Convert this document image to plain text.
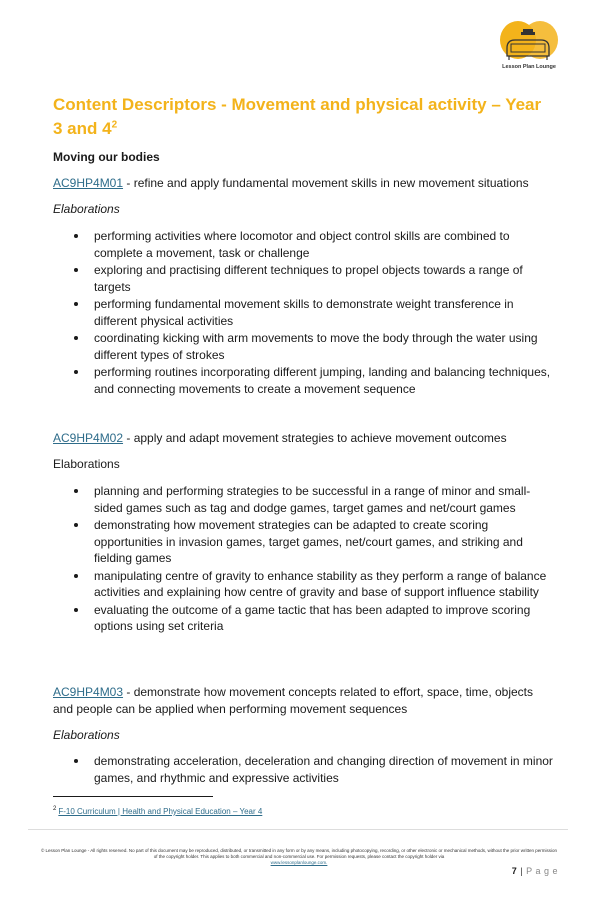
Lesson Plan Lounge
Content Descriptors - Movement and physical activity – Year 3 and $4^2$
Moving our bodies
AC9HP4M01 - refine and apply fundamental movement skills in new movement situations
Elaborations
performing activities where locomotor and object control skills are combined to complete a movement, task or challenge
exploring and practising different techniques to propel objects towards a range of targets
performing fundamental movement skills to demonstrate weight transference in different physical activities
coordinating kicking with arm movements to move the body through the water using different types of strokes
performing routines incorporating different jumping, landing and balancing techniques, and connecting movements to create a movement sequence
AC9HP4M02 - apply and adapt movement strategies to achieve movement outcomes
Elaborations
planning and performing strategies to be successful in a range of minor and small-sided games such as tag and dodge games, target games and net/court games
demonstrating how movement strategies can be adapted to create scoring opportunities in invasion games, target games, net/court games, and striking and fielding games
manipulating centre of gravity to enhance stability as they perform a range of balance activities and explaining how centre of gravity and base of support influence stability
evaluating the outcome of a game tactic that has been adapted to improve scoring options using set criteria
AC9HP4M03 - demonstrate how movement concepts related to effort, space, time, objects and people can be applied when performing movement sequences
Elaborations
demonstrating acceleration, deceleration and changing direction of movement in minor games, and rhythmic and expressive activities
$^2$ F-10 Curriculum | Health and Physical Education – Year 4
© Lesson Plan Lounge - All rights reserved. No part of this document may be reproduced, distributed, or transmitted in any form or by any means, including photocopying, recording, or other electronic or mechanical methods, without the prior written permission of the copyright holder. This applies to both commercial and non-commercial use. For permission requests, please contact the copyright holder via
www.lessonplanlounge.com.
7 | P a g e
